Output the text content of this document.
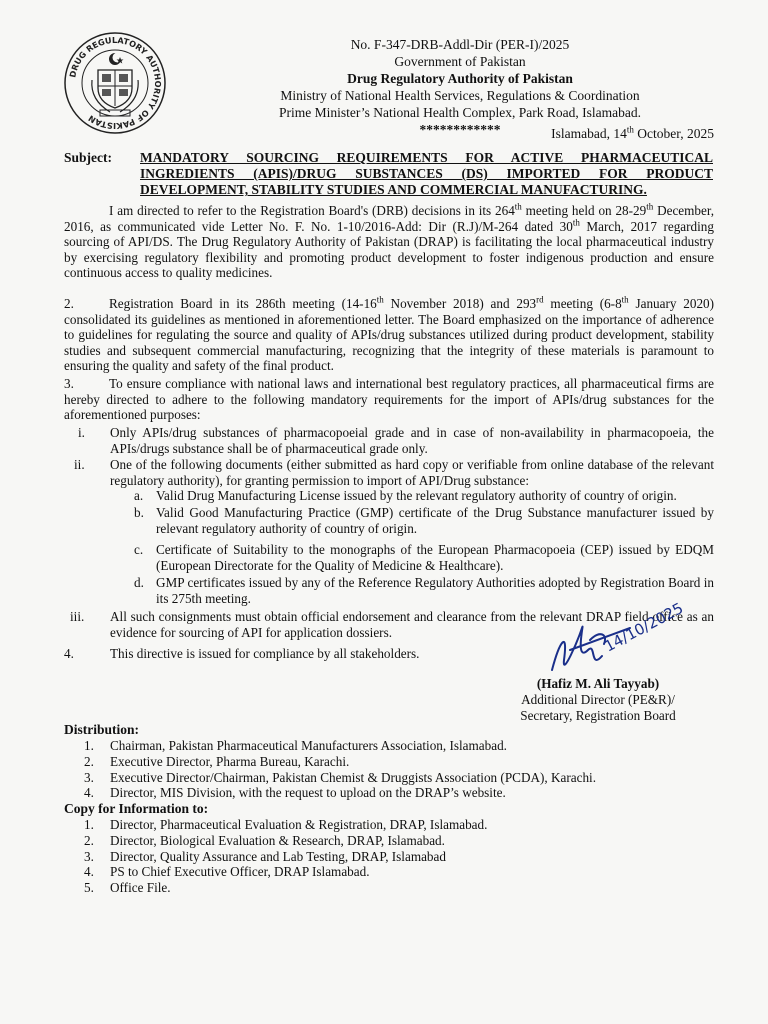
DRUG REGULATORY AUTHORITY OF PAKISTAN
No. F-347-DRB-Addl-Dir (PER-I)/2025
Government of Pakistan
Drug Regulatory Authority of Pakistan
Ministry of National Health Services, Regulations & Coordination
Prime Minister’s National Health Complex, Park Road, Islamabad.
************	Islamabad, 14th October, 2025
Subject: MANDATORY SOURCING REQUIREMENTS FOR ACTIVE PHARMACEUTICAL
INGREDIENTS (APIS)/DRUG SUBSTANCES (DS) IMPORTED FOR PRODUCT
DEVELOPMENT, STABILITY STUDIES AND COMMERCIAL MANUFACTURING.

I am directed to refer to the Registration Board's (DRB) decisions in its 264th meeting held on 28-29th December, 2016, as communicated vide Letter No. F. No. 1-10/2016-Add: Dir (R.J)/M-264 dated 30th March, 2017 regarding sourcing of API/DS. The Drug Regulatory Authority of Pakistan (DRAP) is facilitating the local pharmaceutical industry by exercising regulatory flexibility and promoting product development to foster indigenous production and ensure continuous access to quality medicines.

2.	Registration Board in its 286th meeting (14-16th November 2018) and 293rd meeting (6-8th January 2020) consolidated its guidelines as mentioned in aforementioned letter. The Board emphasized on the importance of adherence to guidelines for regulating the source and quality of APIs/drug substances utilized during product development, stability studies and subsequent commercial manufacturing, recognizing that the integrity of these materials is paramount to ensuring the quality and safety of the final product.

3.	To ensure compliance with national laws and international best regulatory practices, all pharmaceutical firms are hereby directed to adhere to the following mandatory requirements for the import of APIs/drug substances for the aforementioned purposes:

i. Only APIs/drug substances of pharmacopoeial grade and in case of non-availability in pharmacopoeia, the APIs/drugs substance shall be of pharmaceutical grade only.
ii. One of the following documents (either submitted as hard copy or verifiable from online database of the relevant regulatory authority), for granting permission to import of API/Drug substance:
a. Valid Drug Manufacturing License issued by the relevant regulatory authority of country of origin.
b. Valid Good Manufacturing Practice (GMP) certificate of the Drug Substance manufacturer issued by relevant regulatory authority of country of origin.
c. Certificate of Suitability to the monographs of the European Pharmacopoeia (CEP) issued by EDQM (European Directorate for the Quality of Medicine & Healthcare).
d. GMP certificates issued by any of the Reference Regulatory Authorities adopted by Registration Board in its 275th meeting.
iii. All such consignments must obtain official endorsement and clearance from the relevant DRAP field office as an evidence for sourcing of API for application dossiers.
4.	This directive is issued for compliance by all stakeholders.	14/10/2025
(Hafiz M. Ali Tayyab)
Additional Director (PE&R)/
Secretary, Registration Board
Distribution:
1. Chairman, Pakistan Pharmaceutical Manufacturers Association, Islamabad.
2. Executive Director, Pharma Bureau, Karachi.
3. Executive Director/Chairman, Pakistan Chemist & Druggists Association (PCDA), Karachi.
4. Director, MIS Division, with the request to upload on the DRAP’s website.
Copy for Information to:
1. Director, Pharmaceutical Evaluation & Registration, DRAP, Islamabad.
2. Director, Biological Evaluation & Research, DRAP, Islamabad.
3. Director, Quality Assurance and Lab Testing, DRAP, Islamabad
4. PS to Chief Executive Officer, DRAP Islamabad.
5. Office File.
